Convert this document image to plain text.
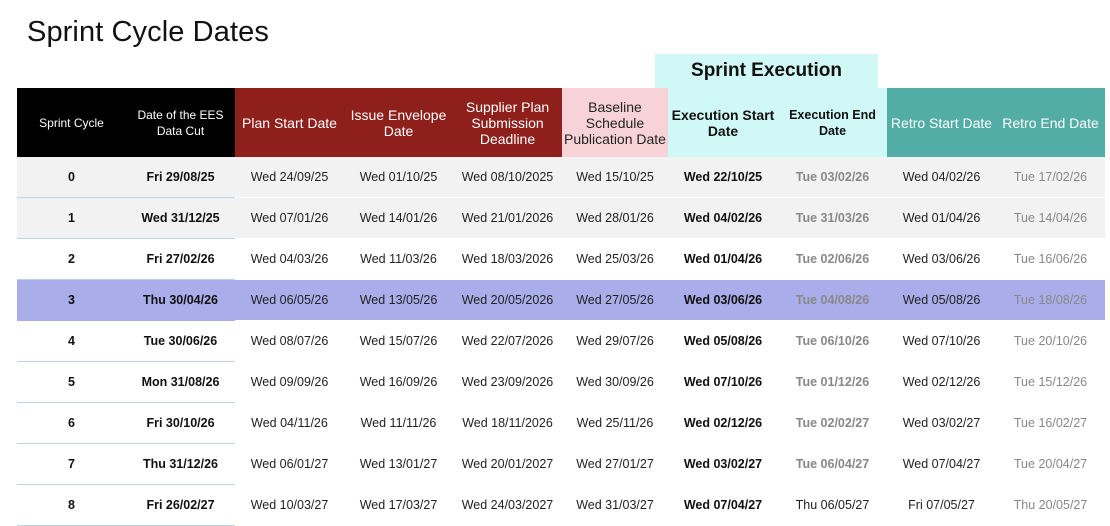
Sprint Cycle Dates
Sprint Execution
Sprint Cycle	Date of the EES Data Cut	Plan Start Date	Issue Envelope Date	Supplier Plan Submission Deadline	Baseline Schedule Publication Date	Execution Start Date	Execution End Date	Retro Start Date	Retro End Date
0	Fri 29/08/25	Wed 24/09/25	Wed 01/10/25	Wed 08/10/2025	Wed 15/10/25	Wed 22/10/25	Tue 03/02/26	Wed 04/02/26	Tue 17/02/26
1	Wed 31/12/25	Wed 07/01/26	Wed 14/01/26	Wed 21/01/2026	Wed 28/01/26	Wed 04/02/26	Tue 31/03/26	Wed 01/04/26	Tue 14/04/26
2	Fri 27/02/26	Wed 04/03/26	Wed 11/03/26	Wed 18/03/2026	Wed 25/03/26	Wed 01/04/26	Tue 02/06/26	Wed 03/06/26	Tue 16/06/26
3	Thu 30/04/26	Wed 06/05/26	Wed 13/05/26	Wed 20/05/2026	Wed 27/05/26	Wed 03/06/26	Tue 04/08/26	Wed 05/08/26	Tue 18/08/26
4	Tue 30/06/26	Wed 08/07/26	Wed 15/07/26	Wed 22/07/2026	Wed 29/07/26	Wed 05/08/26	Tue 06/10/26	Wed 07/10/26	Tue 20/10/26
5	Mon 31/08/26	Wed 09/09/26	Wed 16/09/26	Wed 23/09/2026	Wed 30/09/26	Wed 07/10/26	Tue 01/12/26	Wed 02/12/26	Tue 15/12/26
6	Fri 30/10/26	Wed 04/11/26	Wed 11/11/26	Wed 18/11/2026	Wed 25/11/26	Wed 02/12/26	Tue 02/02/27	Wed 03/02/27	Tue 16/02/27
7	Thu 31/12/26	Wed 06/01/27	Wed 13/01/27	Wed 20/01/2027	Wed 27/01/27	Wed 03/02/27	Tue 06/04/27	Wed 07/04/27	Tue 20/04/27
8	Fri 26/02/27	Wed 10/03/27	Wed 17/03/27	Wed 24/03/2027	Wed 31/03/27	Wed 07/04/27	Thu 06/05/27	Fri 07/05/27	Thu 20/05/27
